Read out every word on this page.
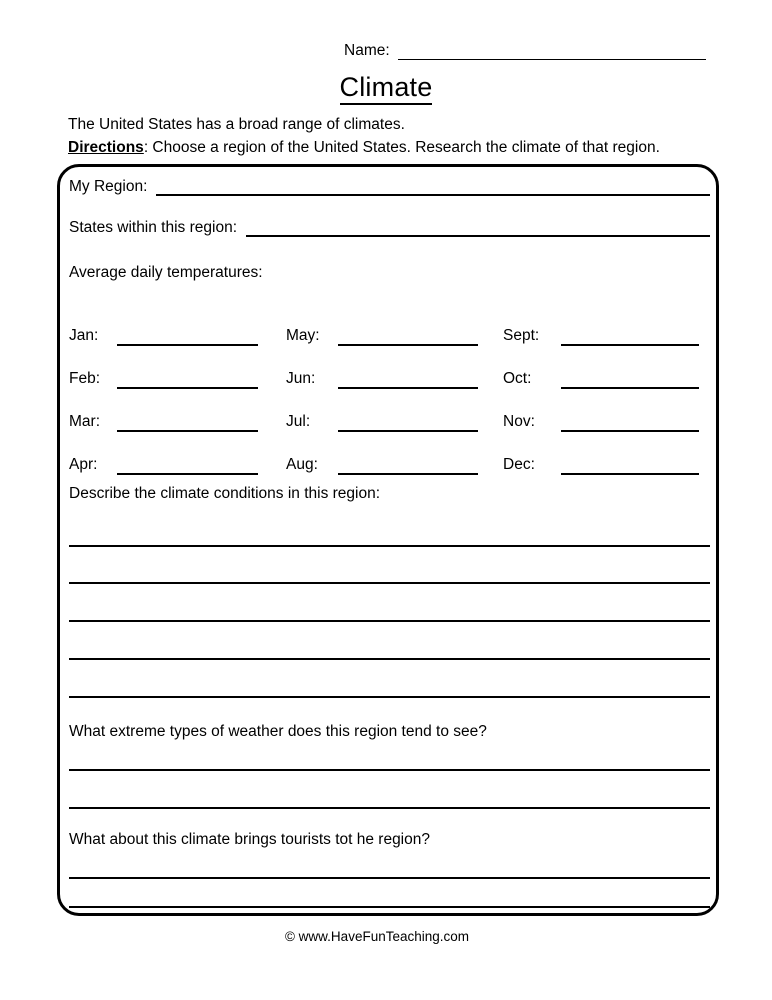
Name:
Climate
The United States has a broad range of climates.
Directions: Choose a region of the United States. Research the climate of that region.
My Region:
States within this region:
Average daily temperatures:
Jan:
Feb:
Mar:
Apr:
May:
Jun:
Jul:
Aug:
Sept:
Oct:
Nov:
Dec:
Describe the climate conditions in this region:
What extreme types of weather does this region tend to see?
What about this climate brings tourists tot he region?
© www.HaveFunTeaching.com
